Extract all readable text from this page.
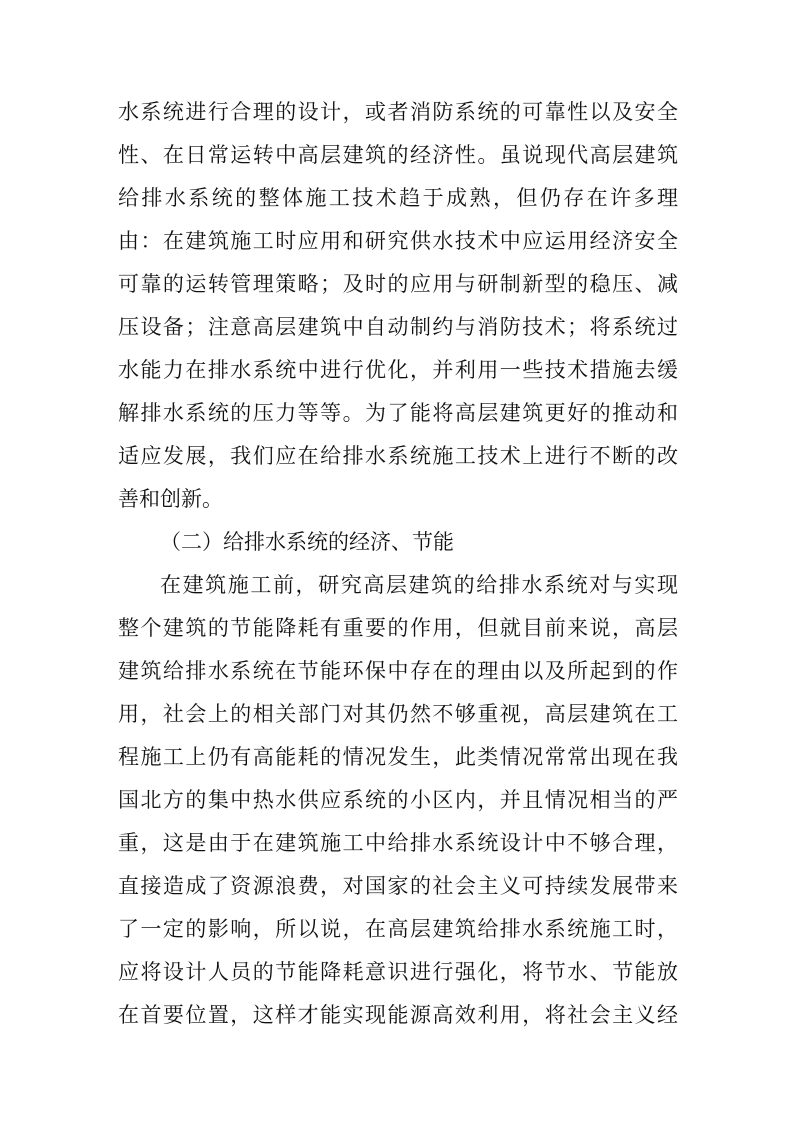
水系统进行合理的设计，或者消防系统的可靠性以及安全
性、在日常运转中高层建筑的经济性。虽说现代高层建筑
给排水系统的整体施工技术趋于成熟，但仍存在许多理
由：在建筑施工时应用和研究供水技术中应运用经济安全
可靠的运转管理策略；及时的应用与研制新型的稳压、减
压设备；注意高层建筑中自动制约与消防技术；将系统过
水能力在排水系统中进行优化，并利用一些技术措施去缓
解排水系统的压力等等。为了能将高层建筑更好的推动和
适应发展，我们应在给排水系统施工技术上进行不断的改
善和创新。
（二）给排水系统的经济、节能
在建筑施工前，研究高层建筑的给排水系统对与实现
整个建筑的节能降耗有重要的作用，但就目前来说，高层
建筑给排水系统在节能环保中存在的理由以及所起到的作
用，社会上的相关部门对其仍然不够重视，高层建筑在工
程施工上仍有高能耗的情况发生，此类情况常常出现在我
国北方的集中热水供应系统的小区内，并且情况相当的严
重，这是由于在建筑施工中给排水系统设计中不够合理，
直接造成了资源浪费，对国家的社会主义可持续发展带来
了一定的影响，所以说，在高层建筑给排水系统施工时，
应将设计人员的节能降耗意识进行强化，将节水、节能放
在首要位置，这样才能实现能源高效利用，将社会主义经
